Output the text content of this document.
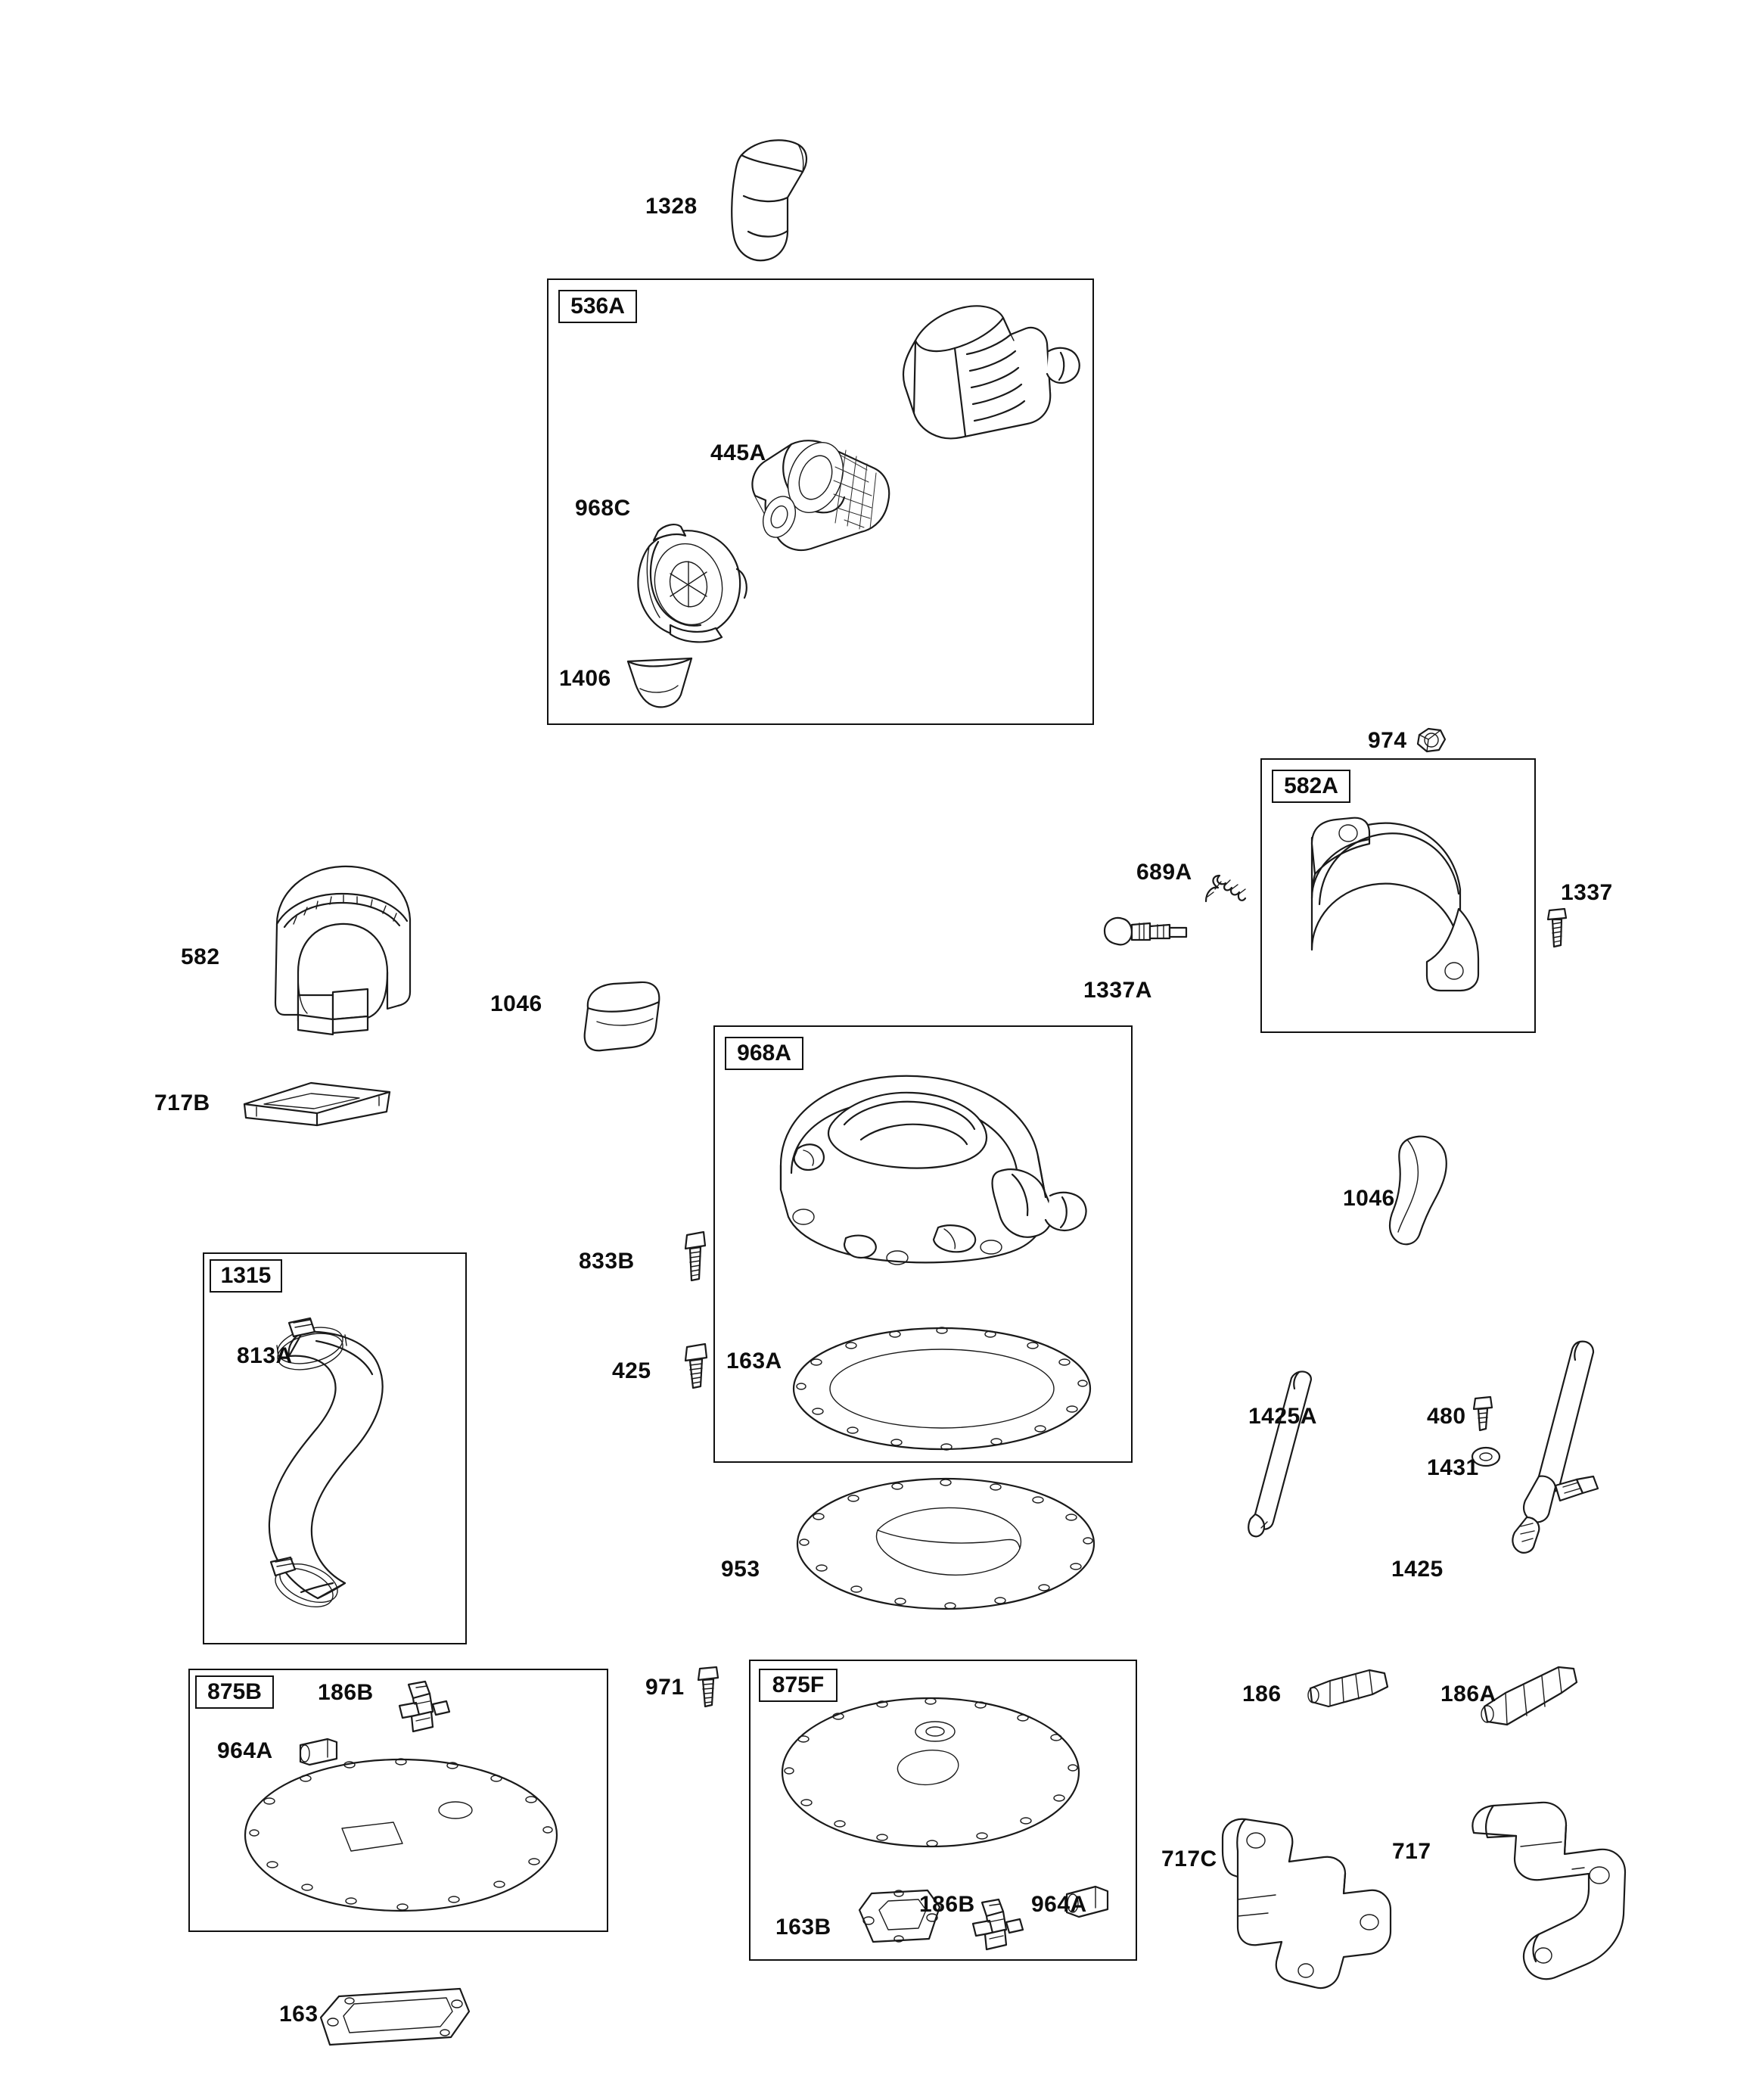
536A
582A
968A
1315
875B	875F
1328
445A
968C
1406
974
689A
1337
1337A
582
1046
717B
1046
833B
813A
425	163A
1425A	480
1431
1425
953
971
186B
964A
186	186A
186B 964A
163B
717C	717
163
